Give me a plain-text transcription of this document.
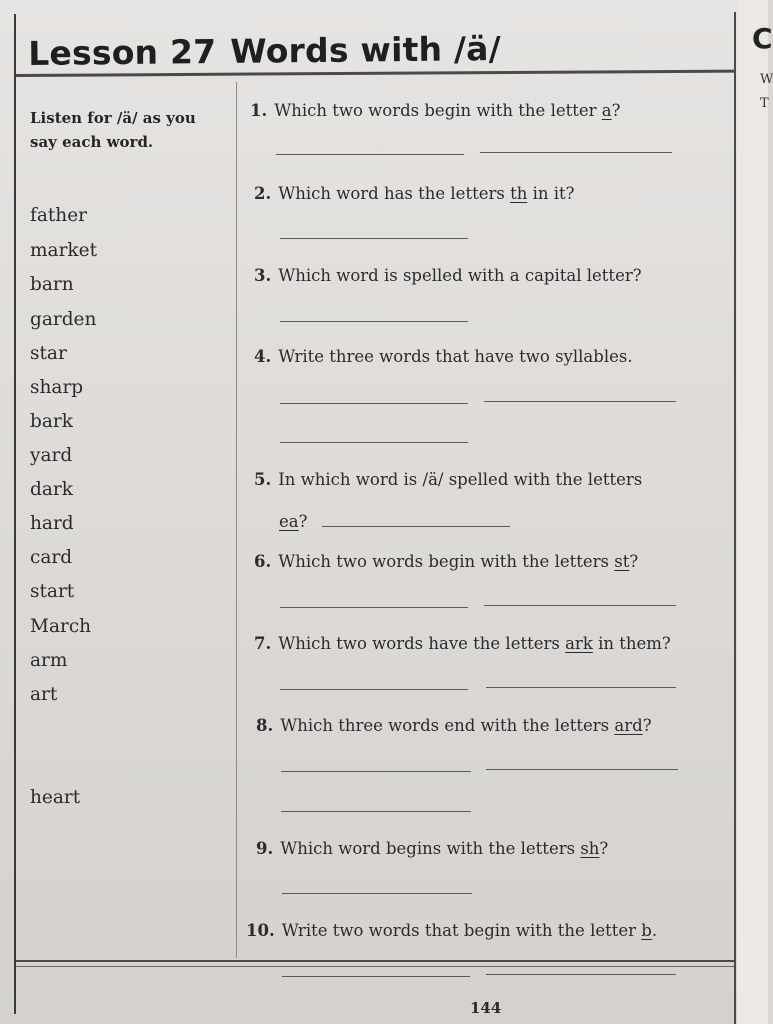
Lesson 27 Words with /ä/
Listen for /ä/ as you say each word.
father
market
barn
garden
star
sharp
bark
yard
dark
hard
card
start
March
arm
art
heart
1. Which two words begin with the letter a?
2. Which word has the letters th in it?
3. Which word is spelled with a capital letter?
4. Write three words that have two syllables.
5. In which word is /ä/ spelled with the letters
6. Which two words begin with the letters st?
7. Which two words have the letters ark in them?
8. Which three words end with the letters ard?
9. Which word begins with the letters sh?
10. Write two words that begin with the letter b.
ea?
144
C
W
T
